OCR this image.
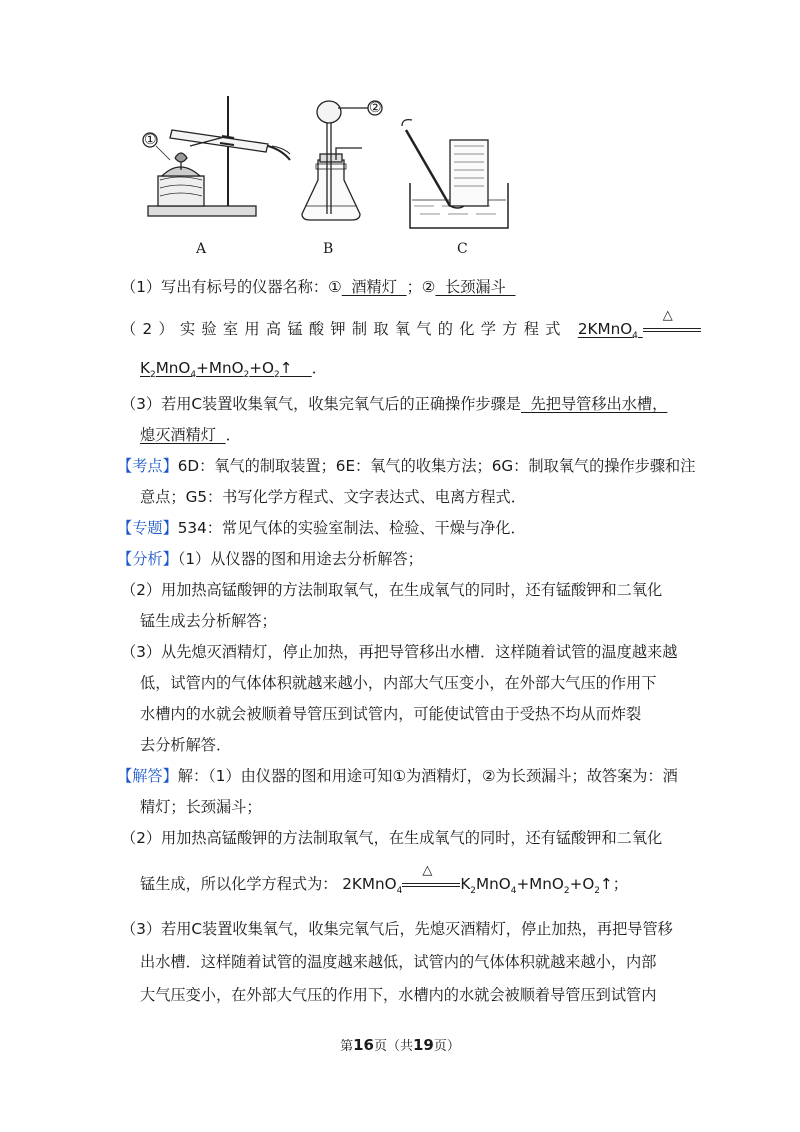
①
②
A	B	C
（1）写出有标号的仪器名称：①  酒精灯  ；②  长颈漏斗
（2）实验室用高锰酸钾制取氧气的化学方程式 2KMnO$_4$
△
$K_2MnO_4+MnO_2+O_2↑$ ．
（3）若用C装置收集氧气，收集完氧气后的正确操作步骤是  先把导管移出水槽，
熄灭酒精灯  ．
【考点】6D：氧气的制取装置；6E：氧气的收集方法；6G：制取氧气的操作步骤和注
意点；G5：书写化学方程式、文字表达式、电离方程式．
【专题】534：常见气体的实验室制法、检验、干燥与净化．
【分析】（1）从仪器的图和用途去分析解答；
（2）用加热高锰酸钾的方法制取氧气，在生成氧气的同时，还有锰酸钾和二氧化
锰生成去分析解答；
（3）从先熄灭酒精灯，停止加热，再把导管移出水槽．这样随着试管的温度越来越
低，试管内的气体体积就越来越小，内部大气压变小，在外部大气压的作用下
水槽内的水就会被顺着导管压到试管内，可能使试管由于受热不均从而炸裂
去分析解答．
【解答】解：（1）由仪器的图和用途可知①为酒精灯，②为长颈漏斗；故答案为：酒
精灯；长颈漏斗；
（2）用加热高锰酸钾的方法制取氧气，在生成氧气的同时，还有锰酸钾和二氧化
锰生成，所以化学方程式为： 2KMnO$_4$
△
$K_2MnO_4+MnO_2+O_2↑$；
（3）若用C装置收集氧气，收集完氧气后，先熄灭酒精灯，停止加热，再把导管移
出水槽．这样随着试管的温度越来越低，试管内的气体体积就越来越小，内部
大气压变小，在外部大气压的作用下，水槽内的水就会被顺着导管压到试管内
第16页（共19页）
